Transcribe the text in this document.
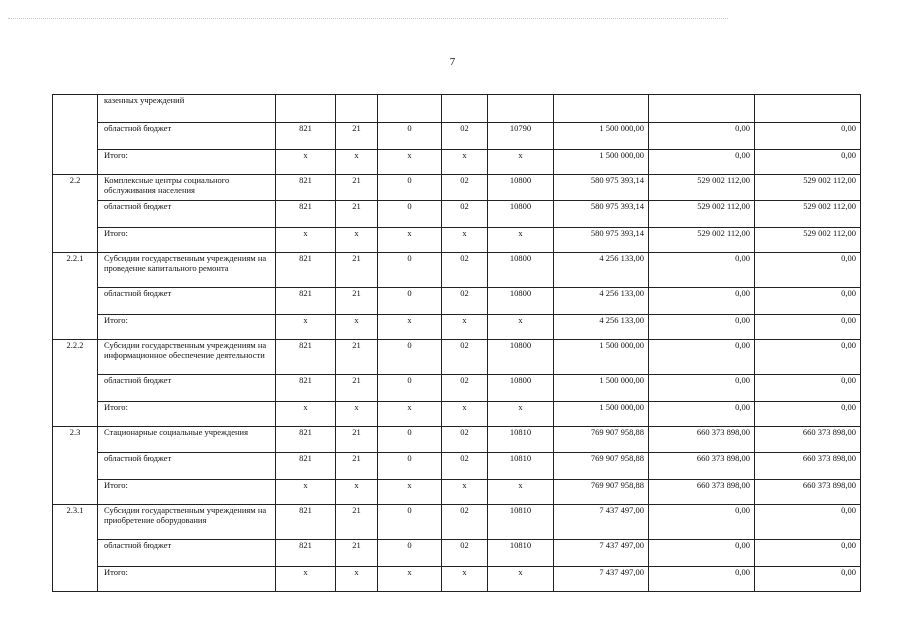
7
	казенных учреждений								
	областной бюджет	821	21	0	02	10790	1 500 000,00	0,00	0,00
	Итого:	x	x	x	x	x	1 500 000,00	0,00	0,00
2.2	Комплексные центры социального обслуживания населения	821	21	0	02	10800	580 975 393,14	529 002 112,00	529 002 112,00
	областной бюджет	821	21	0	02	10800	580 975 393,14	529 002 112,00	529 002 112,00
	Итого:	x	x	x	x	x	580 975 393,14	529 002 112,00	529 002 112,00
2.2.1	Субсидии государственным учреждениям на проведение капитального ремонта	821	21	0	02	10800	4 256 133,00	0,00	0,00
	областной бюджет	821	21	0	02	10800	4 256 133,00	0,00	0,00
	Итого:	x	x	x	x	x	4 256 133,00	0,00	0,00
2.2.2	Субсидии государственным учреждениям на информационное обеспечение деятельности	821	21	0	02	10800	1 500 000,00	0,00	0,00
	областной бюджет	821	21	0	02	10800	1 500 000,00	0,00	0,00
	Итого:	x	x	x	x	x	1 500 000,00	0,00	0,00
2.3	Стационарные социальные учреждения	821	21	0	02	10810	769 907 958,88	660 373 898,00	660 373 898,00
	областной бюджет	821	21	0	02	10810	769 907 958,88	660 373 898,00	660 373 898,00
	Итого:	x	x	x	x	x	769 907 958,88	660 373 898,00	660 373 898,00
2.3.1	Субсидии государственным учреждениям на приобретение оборудования	821	21	0	02	10810	7 437 497,00	0,00	0,00
	областной бюджет	821	21	0	02	10810	7 437 497,00	0,00	0,00
	Итого:	x	x	x	x	x	7 437 497,00	0,00	0,00
